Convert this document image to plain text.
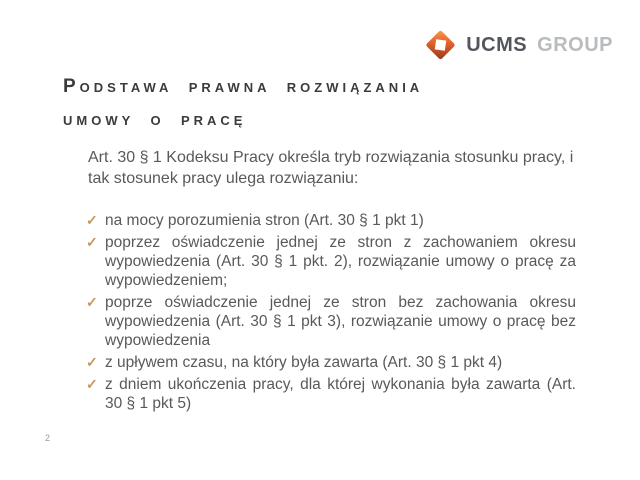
UCMS GROUP
Podstawa prawna rozwiązania
umowy o pracę

Art. 30 § 1 Kodeksu Pracy określa tryb rozwiązania stosunku pracy, i tak stosunek pracy ulega rozwiązaniu:

✓ na mocy porozumienia stron (Art. 30 § 1 pkt 1)
✓ poprzez oświadczenie jednej ze stron z zachowaniem okresu wypowiedzenia (Art. 30 § 1 pkt. 2), rozwiązanie umowy o pracę za wypowiedzeniem;
✓ poprze oświadczenie jednej ze stron bez zachowania okresu wypowiedzenia (Art. 30 § 1 pkt 3), rozwiązanie umowy o pracę bez wypowiedzenia
✓ z upływem czasu, na który była zawarta (Art. 30 § 1 pkt 4)
✓ z dniem ukończenia pracy, dla której wykonania była zawarta (Art. 30 § 1 pkt 5)
2
